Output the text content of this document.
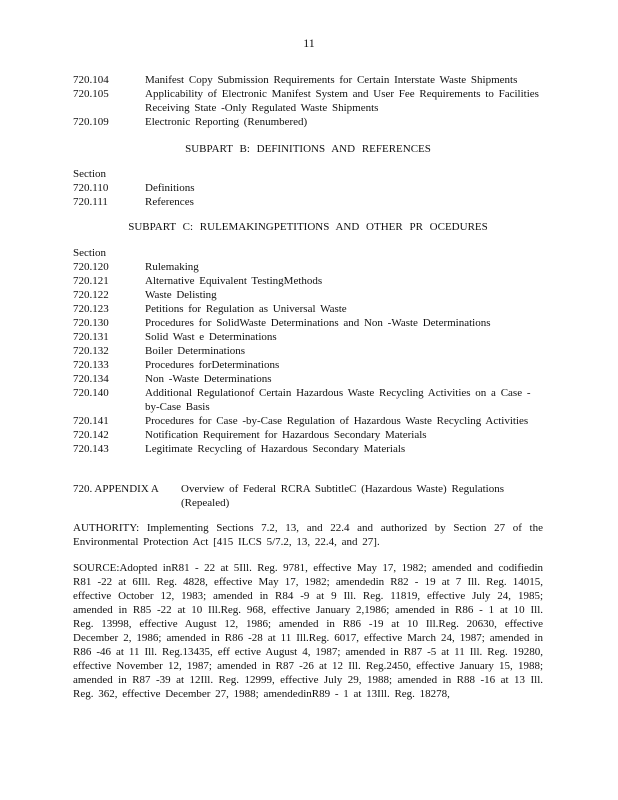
11
720.104	Manifest Copy Submission Requirements for Certain Interstate Waste Shipments
720.105	Applicability of Electronic Manifest System and User Fee Requirements to Facilities Receiving State -Only Regulated Waste Shipments
720.109	Electronic Reporting (Renumbered)
SUBPART B: DEFINITIONS AND REFERENCES
Section
720.110	Definitions
720.111	References
SUBPART C: RULEMAKINGPETITIONS AND OTHER PR OCEDURES
Section
720.120	Rulemaking
720.121	Alternative Equivalent TestingMethods
720.122	Waste Delisting
720.123	Petitions for Regulation as Universal Waste
720.130	Procedures for SolidWaste Determinations and Non -Waste Determinations
720.131	Solid Wast e Determinations
720.132	Boiler Determinations
720.133	Procedures forDeterminations
720.134	Non -Waste Determinations
720.140	Additional Regulationof Certain Hazardous Waste Recycling Activities on a Case -by-Case Basis
720.141	Procedures for Case -by-Case Regulation of Hazardous Waste Recycling Activities
720.142	Notification Requirement for Hazardous Secondary Materials
720.143	Legitimate Recycling of Hazardous Secondary Materials
720. APPENDIX A	Overview of Federal RCRA SubtitleC (Hazardous Waste) Regulations (Repealed)
AUTHORITY: Implementing Sections 7.2, 13, and 22.4 and authorized by Section 27 of the Environmental Protection Act [415 ILCS 5/7.2, 13, 22.4, and 27].
SOURCE:Adopted inR81 - 22 at 5Ill. Reg. 9781, effective May 17, 1982; amended and codifiedin R81 -22 at 6Ill. Reg. 4828, effective May 17, 1982; amendedin R82 - 19 at 7 Ill. Reg. 14015, effective October 12, 1983; amended in R84 -9 at 9 Ill. Reg. 11819, effective July 24, 1985; amended in R85 -22 at 10 Ill.Reg. 968, effective January 2,1986; amended in R86 - 1 at 10 Ill. Reg. 13998, effective August 12, 1986; amended in R86 -19 at 10 Ill.Reg. 20630, effective December 2, 1986; amended in R86 -28 at 11 Ill.Reg. 6017, effective March 24, 1987; amended in R86 -46 at 11 Ill. Reg.13435, eff ective August 4, 1987; amended in R87 -5 at 11 Ill. Reg. 19280, effective November 12, 1987; amended in R87 -26 at 12 Ill. Reg.2450, effective January 15, 1988; amended in R87 -39 at 12Ill. Reg. 12999, effective July 29, 1988; amended in R88 -16 at 13 Ill. Reg. 362, effective December 27, 1988; amendedinR89 - 1 at 13Ill. Reg. 18278,
